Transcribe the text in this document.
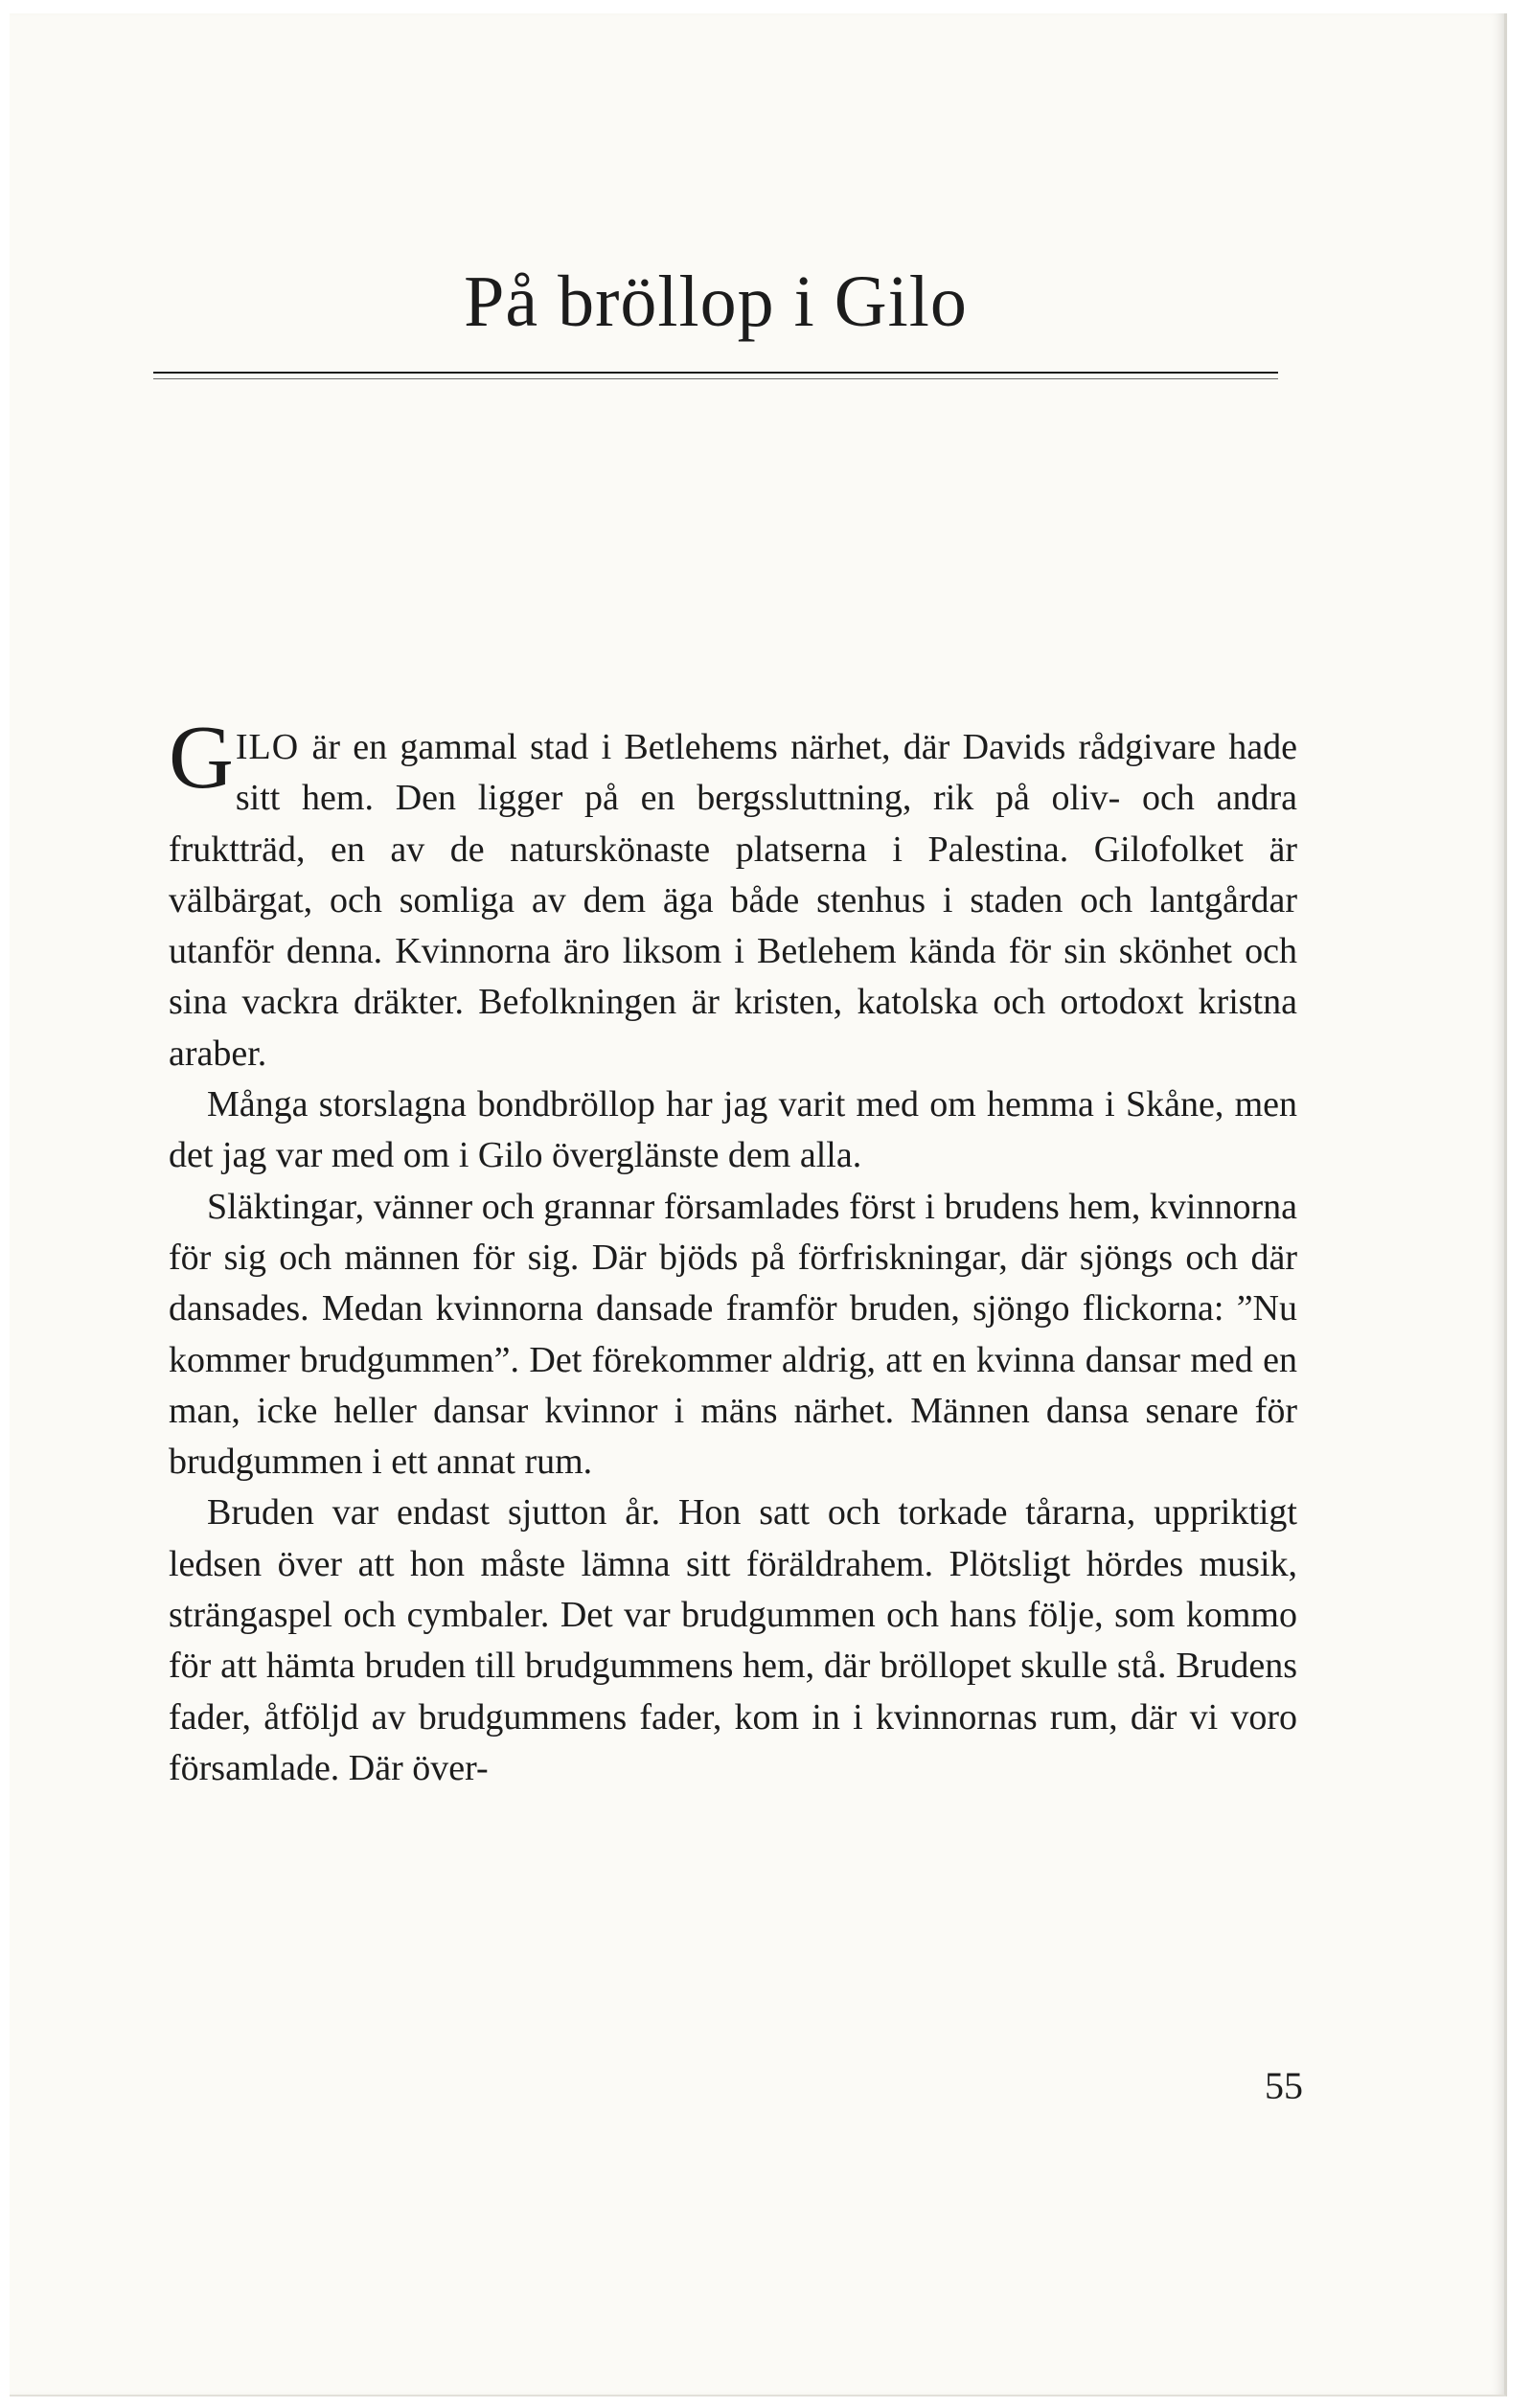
På bröllop i Gilo

GILO är en gammal stad i Betlehems närhet, där Davids rådgivare hade sitt hem. Den ligger på en bergssluttning, rik på oliv- och andra fruktträd, en av de naturskönaste platserna i Palestina. Gilofolket är välbärgat, och somliga av dem äga både stenhus i staden och lantgårdar utanför denna. Kvinnorna äro liksom i Betlehem kända för sin skönhet och sina vackra dräkter. Befolkningen är kristen, katolska och ortodoxt kristna araber.

Många storslagna bondbröllop har jag varit med om hemma i Skåne, men det jag var med om i Gilo överglänste dem alla.

Släktingar, vänner och grannar församlades först i brudens hem, kvinnorna för sig och männen för sig. Där bjöds på förfriskningar, där sjöngs och där dansades. Medan kvinnorna dansade framför bruden, sjöngo flickorna: ”Nu kommer brudgummen”. Det förekommer aldrig, att en kvinna dansar med en man, icke heller dansar kvinnor i mäns närhet. Männen dansa senare för brudgummen i ett annat rum.

Bruden var endast sjutton år. Hon satt och torkade tårarna, uppriktigt ledsen över att hon måste lämna sitt föräldrahem. Plötsligt hördes musik, strängaspel och cymbaler. Det var brudgummen och hans följe, som kommo för att hämta bruden till brudgummens hem, där bröllopet skulle stå. Brudens fader, åtföljd av brudgummens fader, kom in i kvinnornas rum, där vi voro församlade. Där över-

55
